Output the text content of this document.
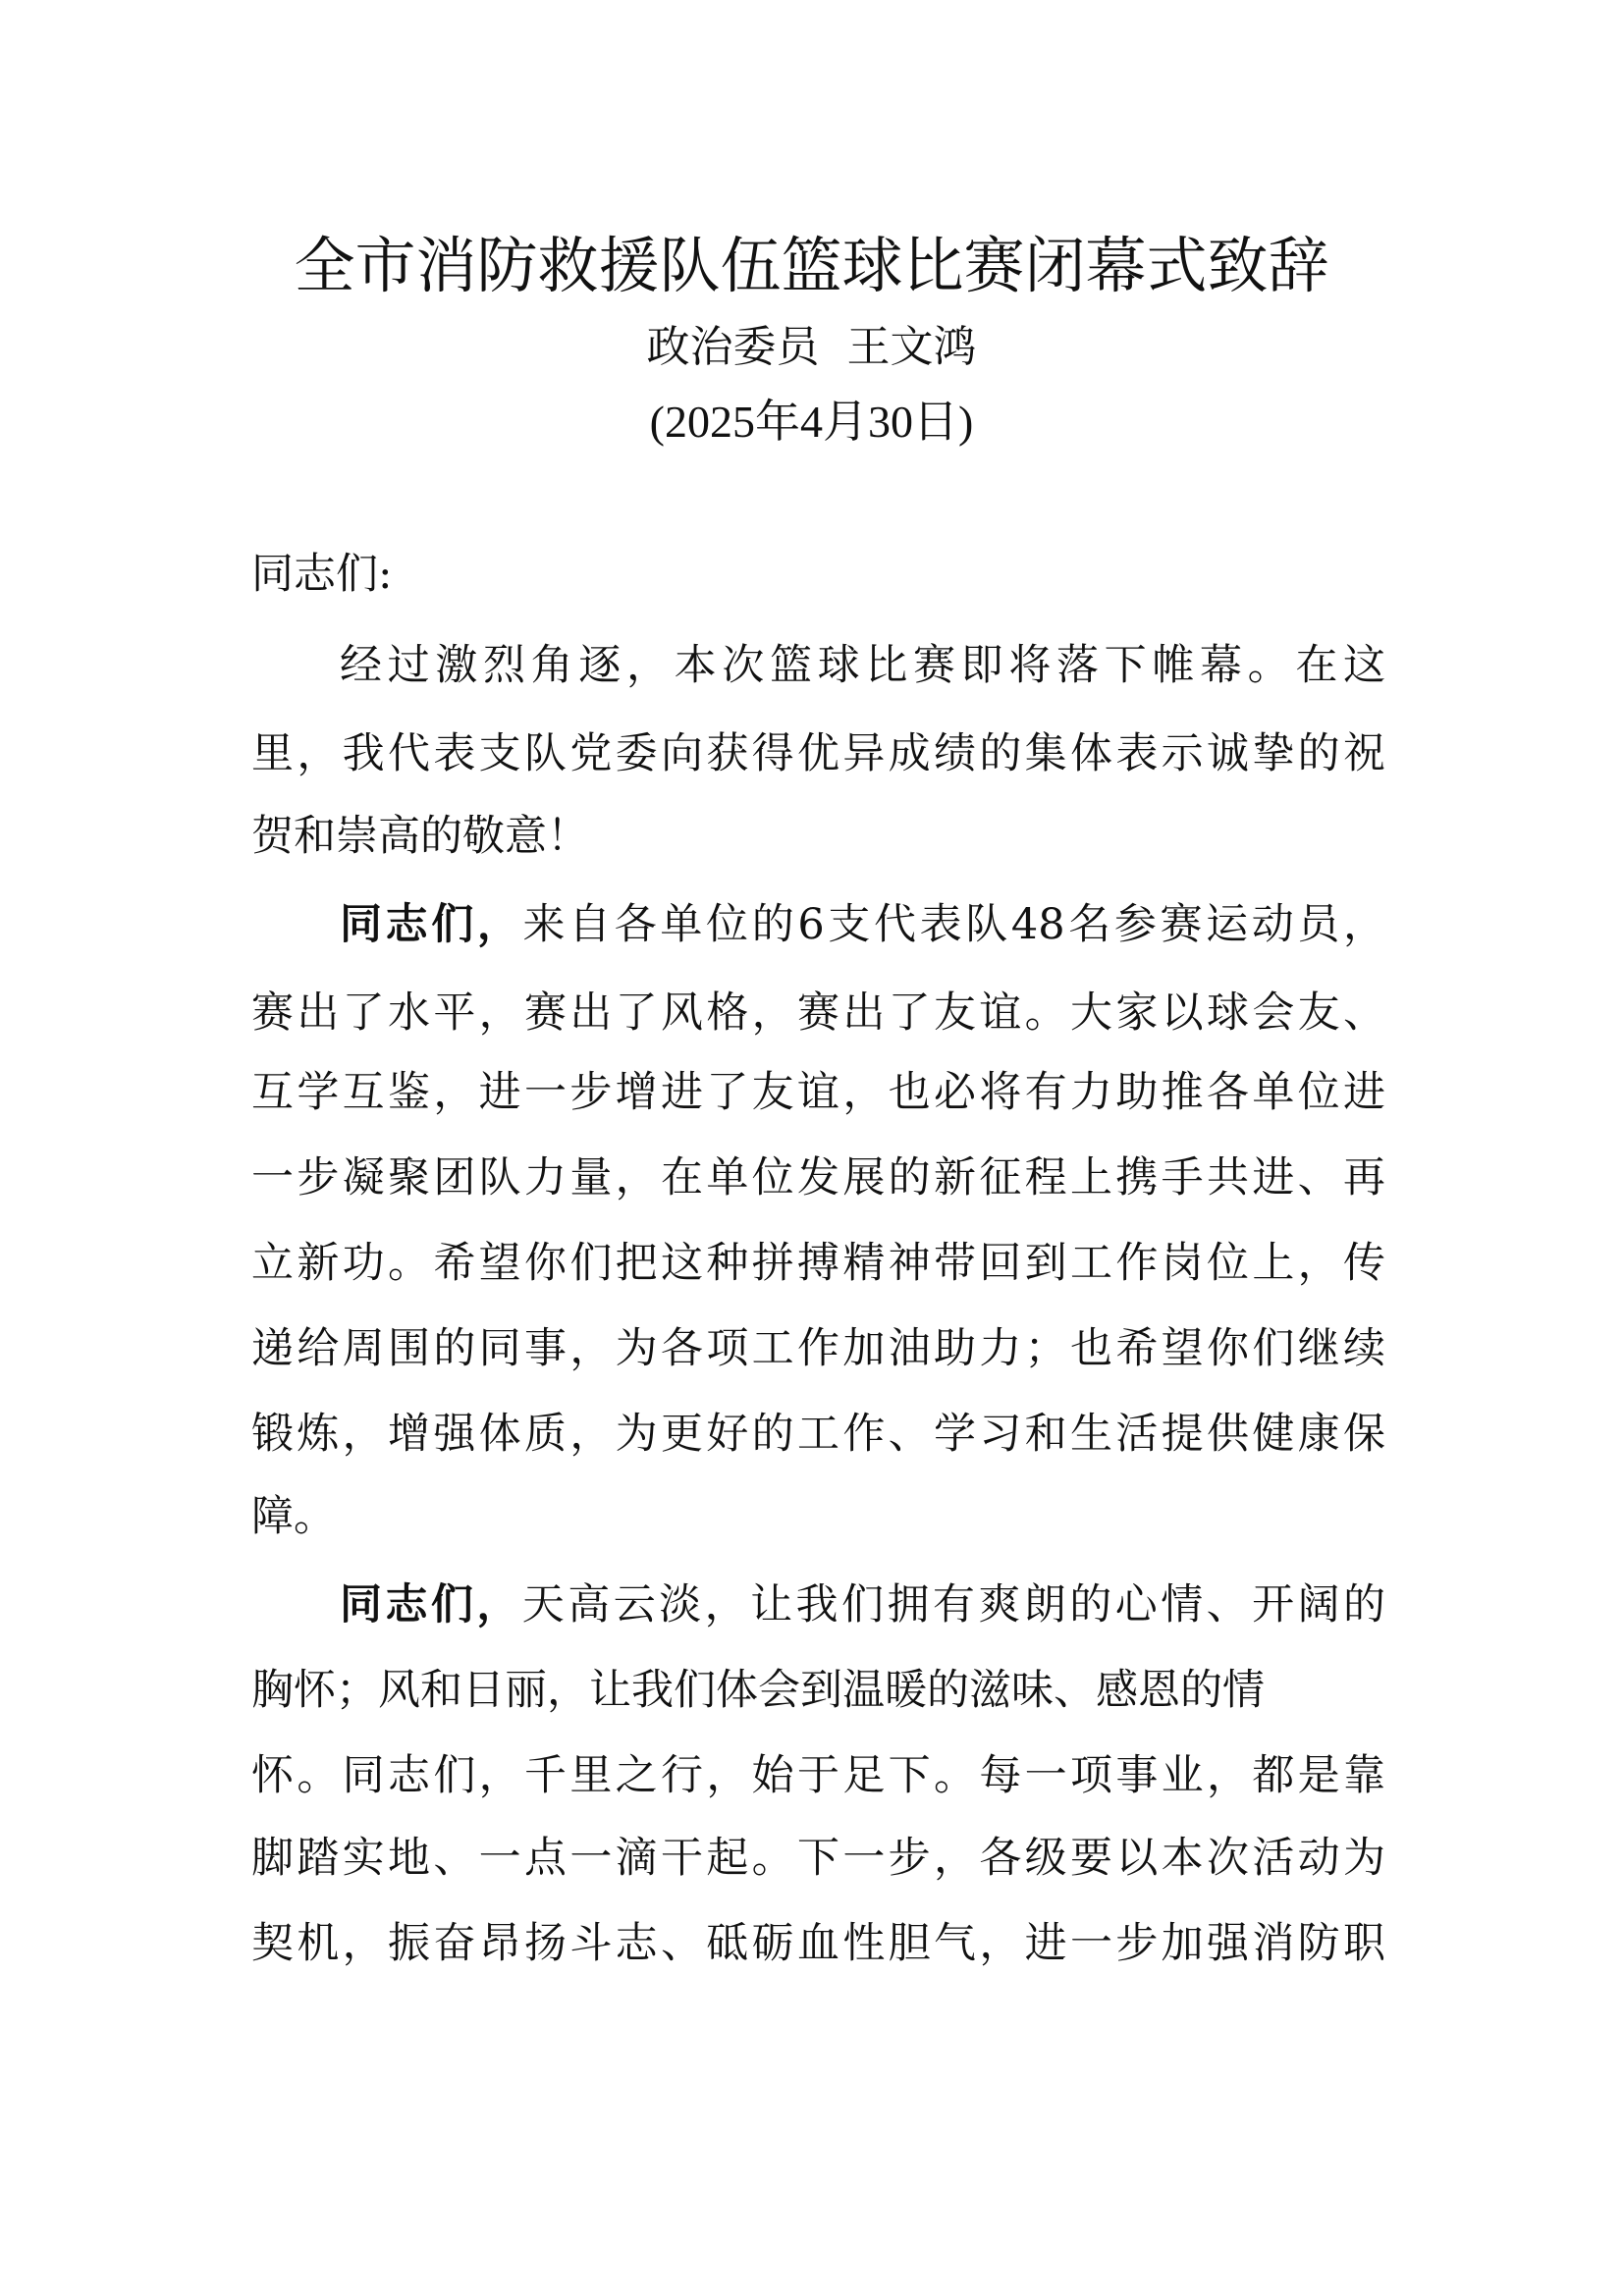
全市消防救援队伍篮球比赛闭幕式致辞
政治委员  王文鸿
(2025年4月30日)
同志们:
经过激烈角逐，本次篮球比赛即将落下帷幕。在这
里，我代表支队党委向获得优异成绩的集体表示诚挚的祝
贺和崇高的敬意！
同志们，来自各单位的6支代表队48名参赛运动员，
赛出了水平，赛出了风格，赛出了友谊。大家以球会友、
互学互鉴，进一步增进了友谊，也必将有力助推各单位进
一步凝聚团队力量，在单位发展的新征程上携手共进、再
立新功。希望你们把这种拼搏精神带回到工作岗位上，传
递给周围的同事，为各项工作加油助力；也希望你们继续
锻炼，增强体质，为更好的工作、学习和生活提供健康保
障。
同志们，天高云淡，让我们拥有爽朗的心情、开阔的
胸怀；风和日丽，让我们体会到温暖的滋味、感恩的情
怀。同志们，千里之行，始于足下。每一项事业，都是靠
脚踏实地、一点一滴干起。下一步，各级要以本次活动为
契机，振奋昂扬斗志、砥砺血性胆气，进一步加强消防职
